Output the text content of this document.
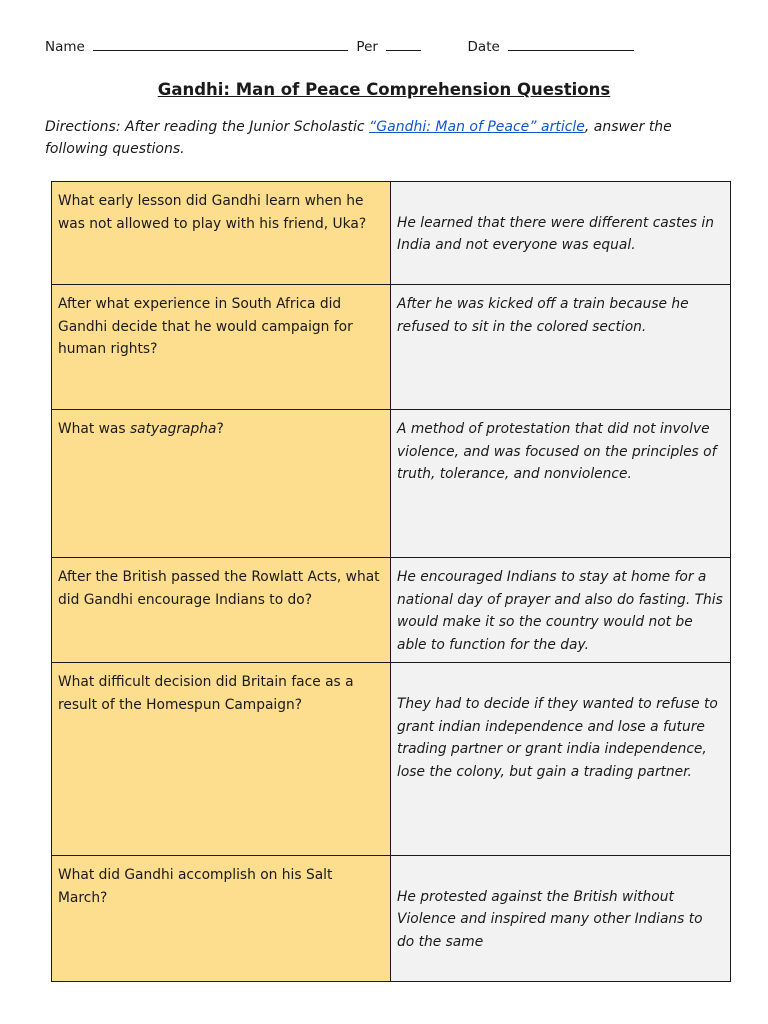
Name	Per	Date
Gandhi: Man of Peace Comprehension Questions
Directions: After reading the Junior Scholastic “Gandhi: Man of Peace” article, answer the following questions.
What early lesson did Gandhi learn when he was not allowed to play with his friend, Uka?	He learned that there were different castes in India and not everyone was equal.
After what experience in South Africa did Gandhi decide that he would campaign for human rights?	After he was kicked off a train because he refused to sit in the colored section.
What was satyagrapha?	A method of protestation that did not involve violence, and was focused on the principles of truth, tolerance, and nonviolence.
After the British passed the Rowlatt Acts, what did Gandhi encourage Indians to do?	He encouraged Indians to stay at home for a national day of prayer and also do fasting. This would make it so the country would not be able to function for the day.
What difficult decision did Britain face as a result of the Homespun Campaign?	They had to decide if they wanted to refuse to grant indian independence and lose a future trading partner or grant india independence, lose the colony, but gain a trading partner.
What did Gandhi accomplish on his Salt March?	He protested against the British without Violence and inspired many other Indians to do the same
